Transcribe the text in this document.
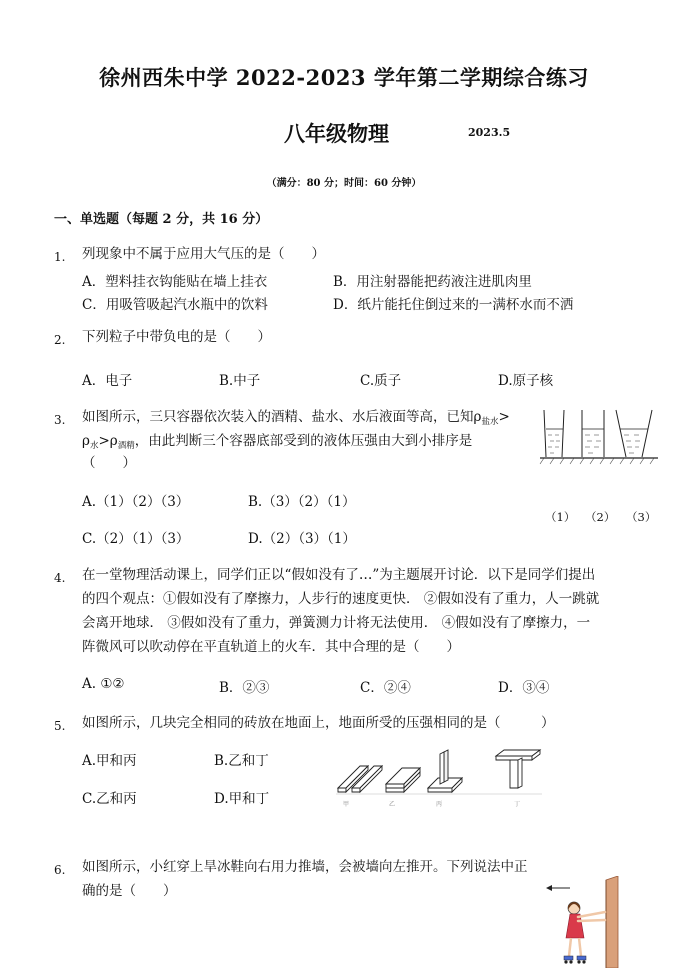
徐州西朱中学 2022-2023 学年第二学期综合练习
八年级物理	2023.5
（满分：80 分；时间：60 分钟）
一、单选题（每题 2 分，共 16 分）
1. 列现象中不属于应用大气压的是（　　）
A．塑料挂衣钩能贴在墙上挂衣	B．用注射器能把药液注进肌肉里
C．用吸管吸起汽水瓶中的饮料	D．纸片能托住倒过来的一满杯水而不洒
2. 下列粒子中带负电的是（　　）
A．电子	B.中子	C.质子	D.原子核
3. 如图所示，三只容器依次装入的酒精、盐水、水后液面等高，已知$\rho_{盐水}>$
$\rho_水>\rho_{酒精}$，由此判断三个容器底部受到的液体压强由大到小排序是
（　　）
A.（1）（2）（3）	B.（3）（2）（1）
C.（2）（1）（3）	D.（2）（3）（1）
（1） （2） （3）
4. 在一堂物理活动课上，同学们正以“假如没有了…”为主题展开讨论．以下是同学们提出
的四个观点：①假如没有了摩擦力，人步行的速度更快． ②假如没有了重力，人一跳就
会离开地球． ③假如没有了重力，弹簧测力计将无法使用． ④假如没有了摩擦力，一
阵微风可以吹动停在平直轨道上的火车．其中合理的是（　　）
A. ①②	B．②③	C．②④	D．③④
5. 如图所示，几块完全相同的砖放在地面上，地面所受的压强相同的是（　　　）
A.甲和丙	B.乙和丁
C.乙和丙	D.甲和丁	甲	乙	丙	丁
6. 如图所示，小红穿上旱冰鞋向右用力推墙，会被墙向左推开。下列说法中正
确的是（　　）
